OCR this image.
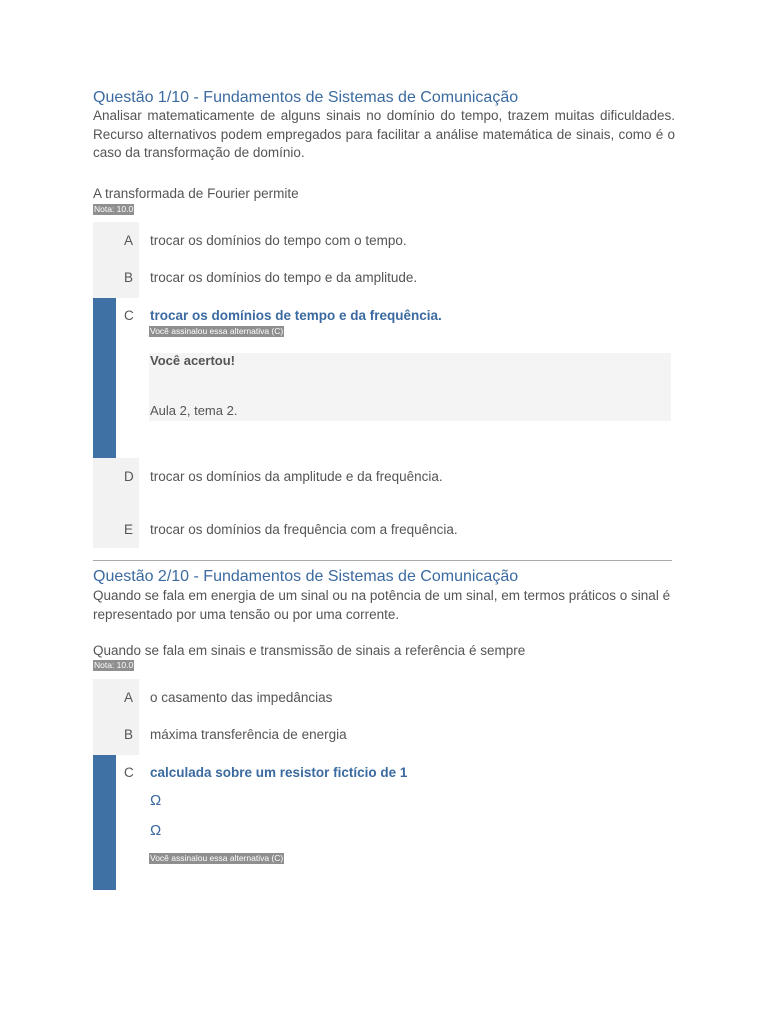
Questão 1/10 - Fundamentos de Sistemas de Comunicação
Analisar matematicamente de alguns sinais no domínio do tempo, trazem muitas dificuldades. Recurso alternativos podem empregados para facilitar a análise matemática de sinais, como é o caso da transformação de domínio.
A transformada de Fourier permite
Nota: 10.0
A	trocar os domínios do tempo com o tempo.
B	trocar os domínios do tempo e da amplitude.
C	trocar os domínios de tempo e da frequência.
Você assinalou essa alternativa (C)
Você acertou!
Aula 2, tema 2.
D	trocar os domínios da amplitude e da frequência.
E	trocar os domínios da frequência com a frequência.
Questão 2/10 - Fundamentos de Sistemas de Comunicação
Quando se fala em energia de um sinal ou na potência de um sinal, em termos práticos o sinal é representado por uma tensão ou por uma corrente.
Quando se fala em sinais e transmissão de sinais a referência é sempre
Nota: 10.0
A	o casamento das impedâncias
B	máxima transferência de energia
C	calculada sobre um resistor fictício de 1
Ω
Ω
Você assinalou essa alternativa (C)
